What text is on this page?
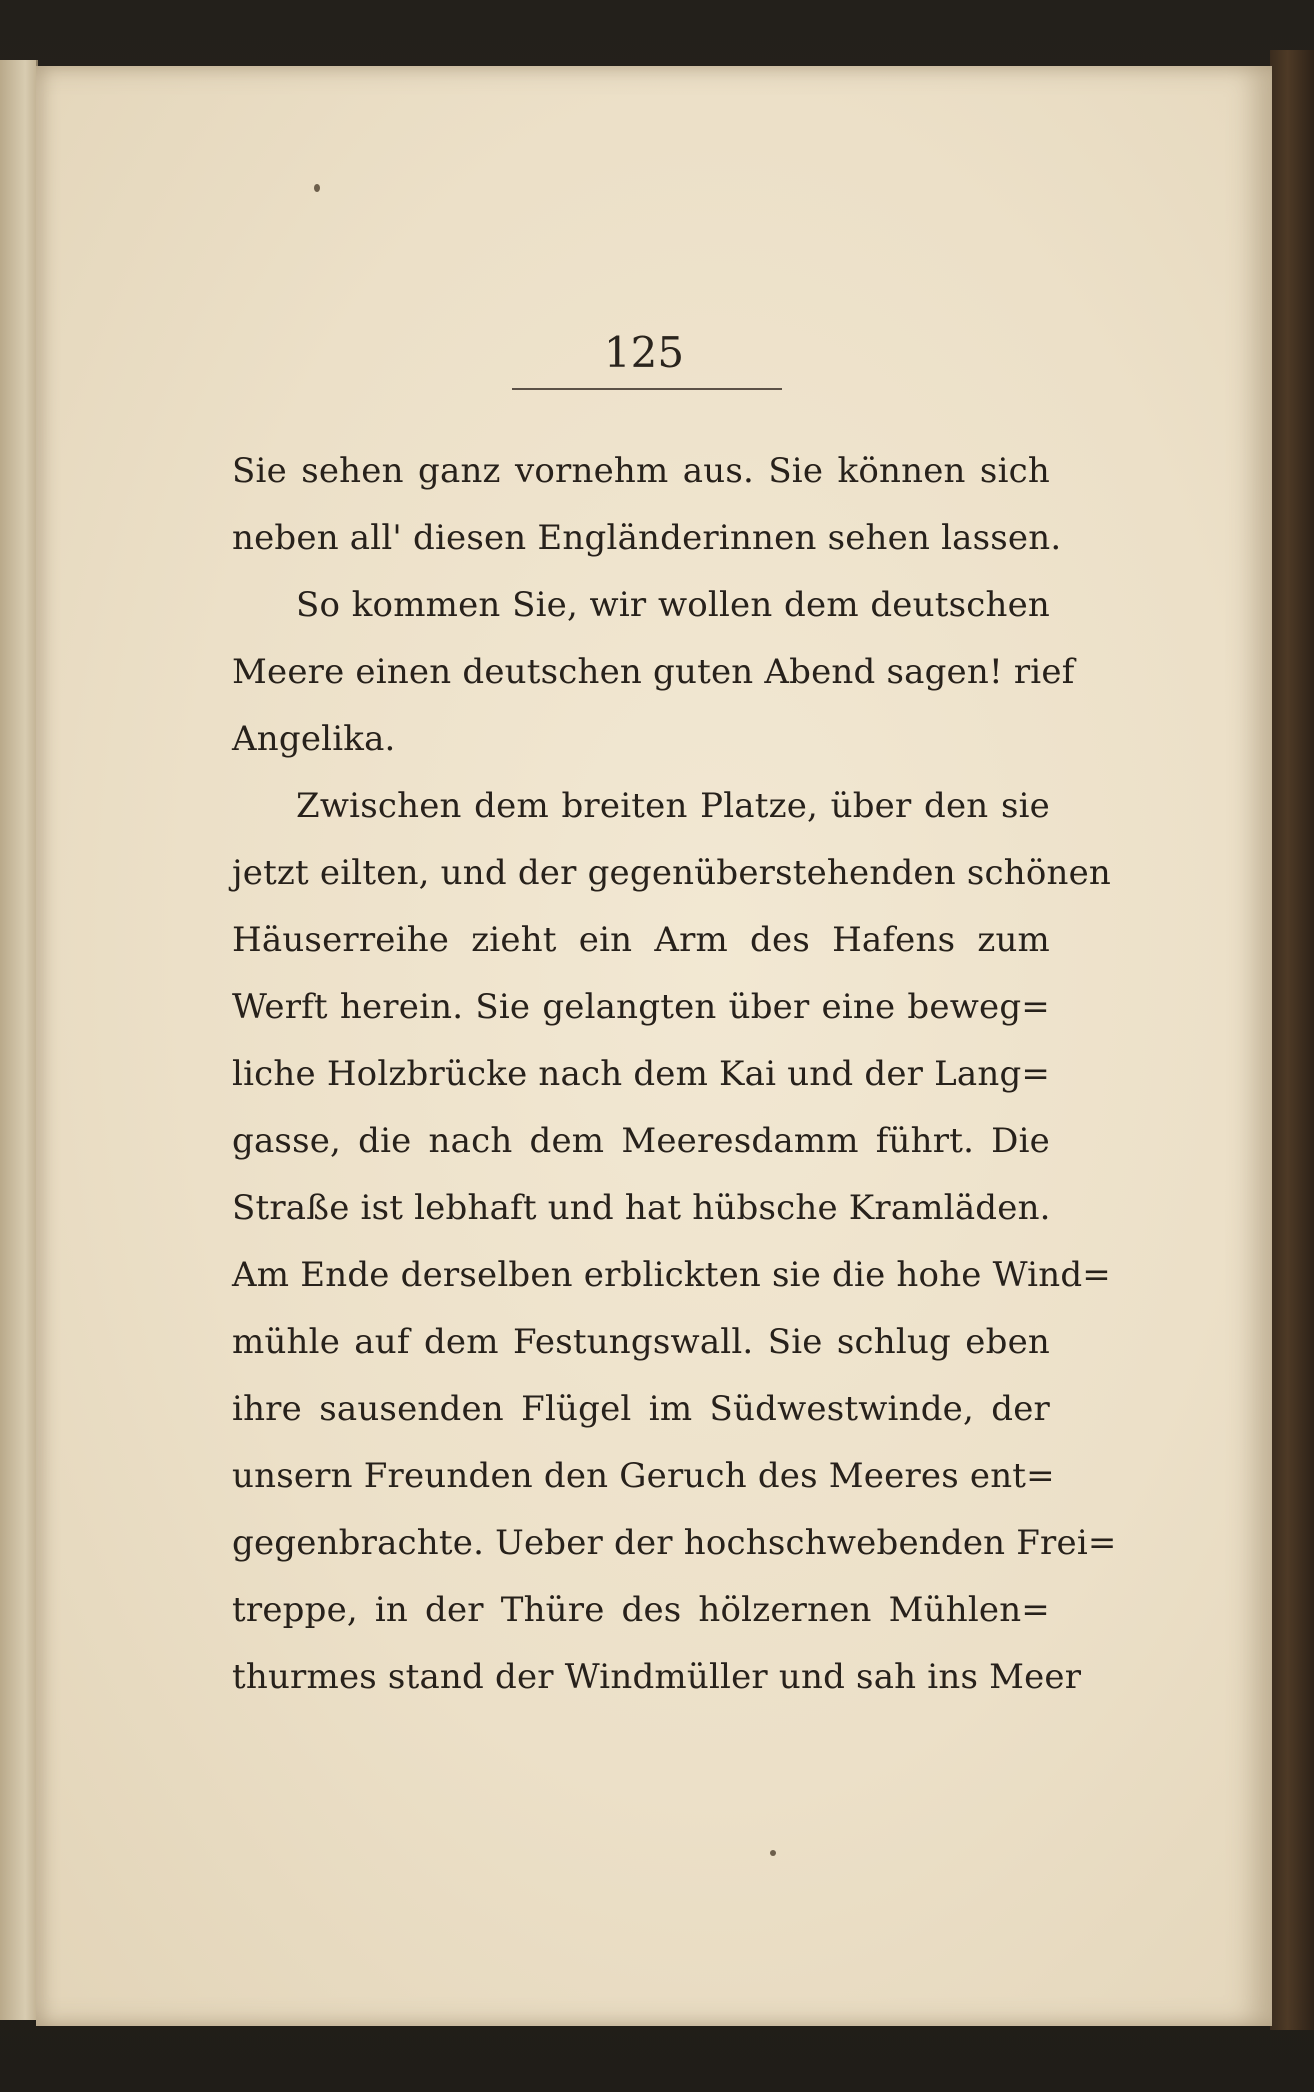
125
Sie sehen ganz vornehm aus. Sie können sich
neben all' diesen Engländerinnen sehen lassen.
So kommen Sie, wir wollen dem deutschen
Meere einen deutschen guten Abend sagen! rief
Angelika.
Zwischen dem breiten Platze, über den sie
jetzt eilten, und der gegenüberstehenden schönen
Häuserreihe zieht ein Arm des Hafens zum
Werft herein. Sie gelangten über eine beweg=
liche Holzbrücke nach dem Kai und der Lang=
gasse, die nach dem Meeresdamm führt. Die
Straße ist lebhaft und hat hübsche Kramläden.
Am Ende derselben erblickten sie die hohe Wind=
mühle auf dem Festungswall. Sie schlug eben
ihre sausenden Flügel im Südwestwinde, der
unsern Freunden den Geruch des Meeres ent=
gegenbrachte. Ueber der hochschwebenden Frei=
treppe, in der Thüre des hölzernen Mühlen=
thurmes stand der Windmüller und sah ins Meer
